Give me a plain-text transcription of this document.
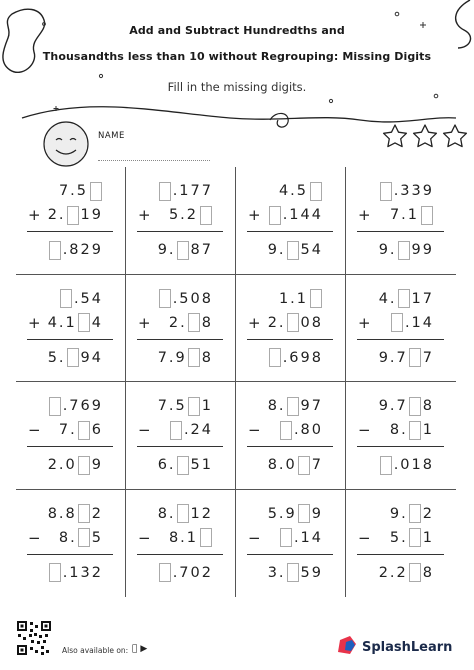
Add and Subtract Hundredths and
Thousandths less than 10 without Regrouping: Missing Digits
Fill in the missing digits.
NAME
7.5
+ 2. 19
.829
.177
+ 5.2
9. 87
4.5
+ .144
9. 54
.339
+ 7.1
9. 99
.54
+ 4.1 4
5. 94
.508
+ 2. 8
7.9 8
1.1
+ 2. 08
.698
4. 17
+ .14
9.7 7
.769
− 7. 6
2.0 9
7.5 1
− .24
6. 51
8. 97
− .80
8.0 7
9.7 8
− 8. 1
.018
8.8 2
− 8. 5
.132
8. 12
− 8.1
.702
5.9 9
− .14
3. 59
9. 2
− 5. 1
2.2 8
Also available on: ▶	SplashLearn
